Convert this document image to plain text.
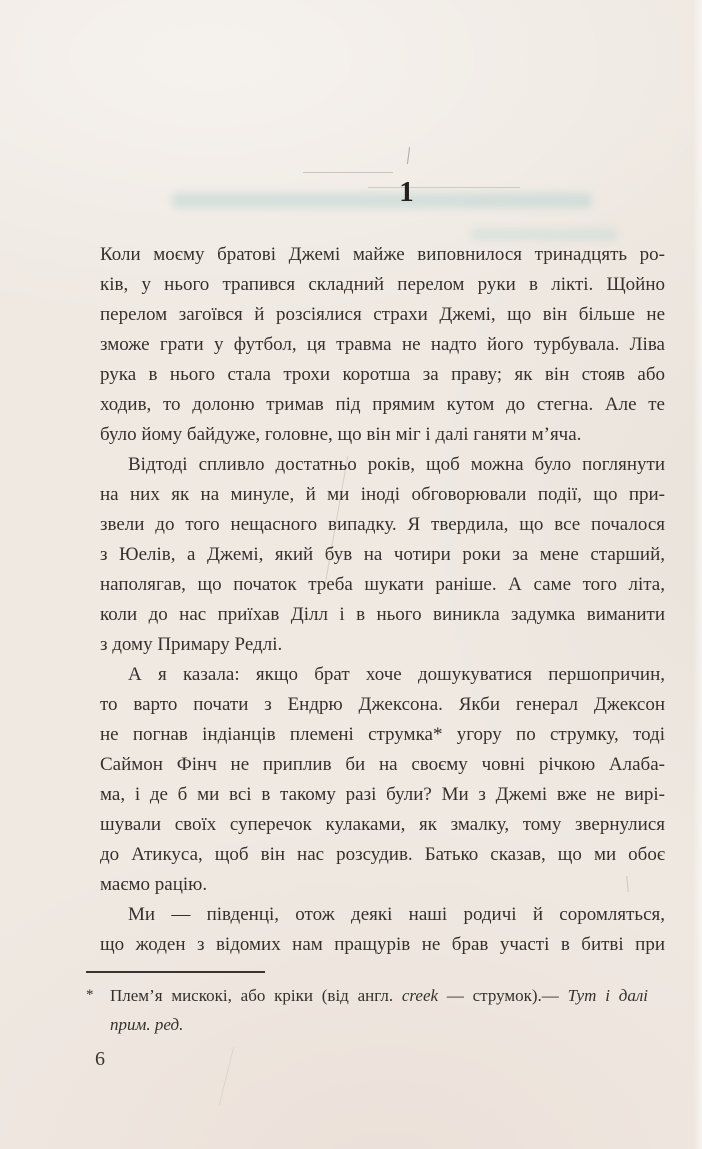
1
Коли моєму братові Джемі майже виповнилося тринадцять ро-
ків, у нього трапився складний перелом руки в лікті. Щойно
перелом загоївся й розсіялися страхи Джемі, що він більше не
зможе грати у футбол, ця травма не надто його турбувала. Ліва
рука в нього стала трохи коротша за праву; як він стояв або
ходив, то долоню тримав під прямим кутом до стегна. Але те
було йому байдуже, головне, що він міг і далі ганяти м’яча.
Відтоді спливло достатньо років, щоб можна було поглянути
на них як на минуле, й ми іноді обговорювали події, що при-
звели до того нещасного випадку. Я твердила, що все почалося
з Юелів, а Джемі, який був на чотири роки за мене старший,
наполягав, що початок треба шукати раніше. А саме того літа,
коли до нас приїхав Ділл і в нього виникла задумка виманити
з дому Примару Редлі.
А я казала: якщо брат хоче дошукуватися першопричин,
то варто почати з Ендрю Джексона. Якби генерал Джексон
не погнав індіанців племені струмка* угору по струмку, тоді
Саймон Фінч не приплив би на своєму човні річкою Алаба-
ма, і де б ми всі в такому разі були? Ми з Джемі вже не вирі-
шували своїх суперечок кулаками, як змалку, тому звернулися
до Атикуса, щоб він нас розсудив. Батько сказав, що ми обоє
маємо рацію.
Ми — південці, отож деякі наші родичі й соромляться,
що жоден з відомих нам пращурів не брав участі в битві при
* Плем’я мискокі, або кріки (від англ. creek — струмок).— Тут і далі
прим. ред.
6
